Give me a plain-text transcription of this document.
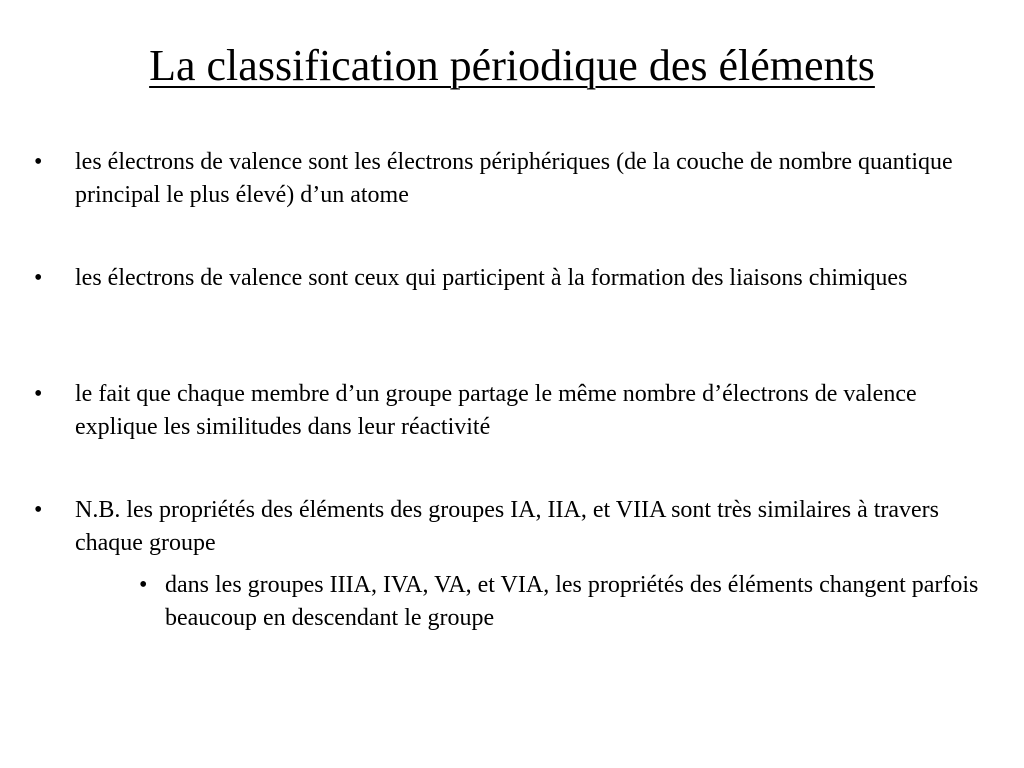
La classification périodique des éléments
• les électrons de valence sont les électrons périphériques (de la couche de nombre quantique principal le plus élevé) d’un atome
• les électrons de valence sont ceux qui participent à la formation des liaisons chimiques
• le fait que chaque membre d’un groupe partage le même nombre d’électrons de valence explique les similitudes dans leur réactivité
• N.B. les propriétés des éléments des groupes IA, IIA, et VIIA sont très similaires à travers chaque groupe
• dans les groupes IIIA, IVA, VA, et VIA, les propriétés des éléments changent parfois beaucoup en descendant le groupe
